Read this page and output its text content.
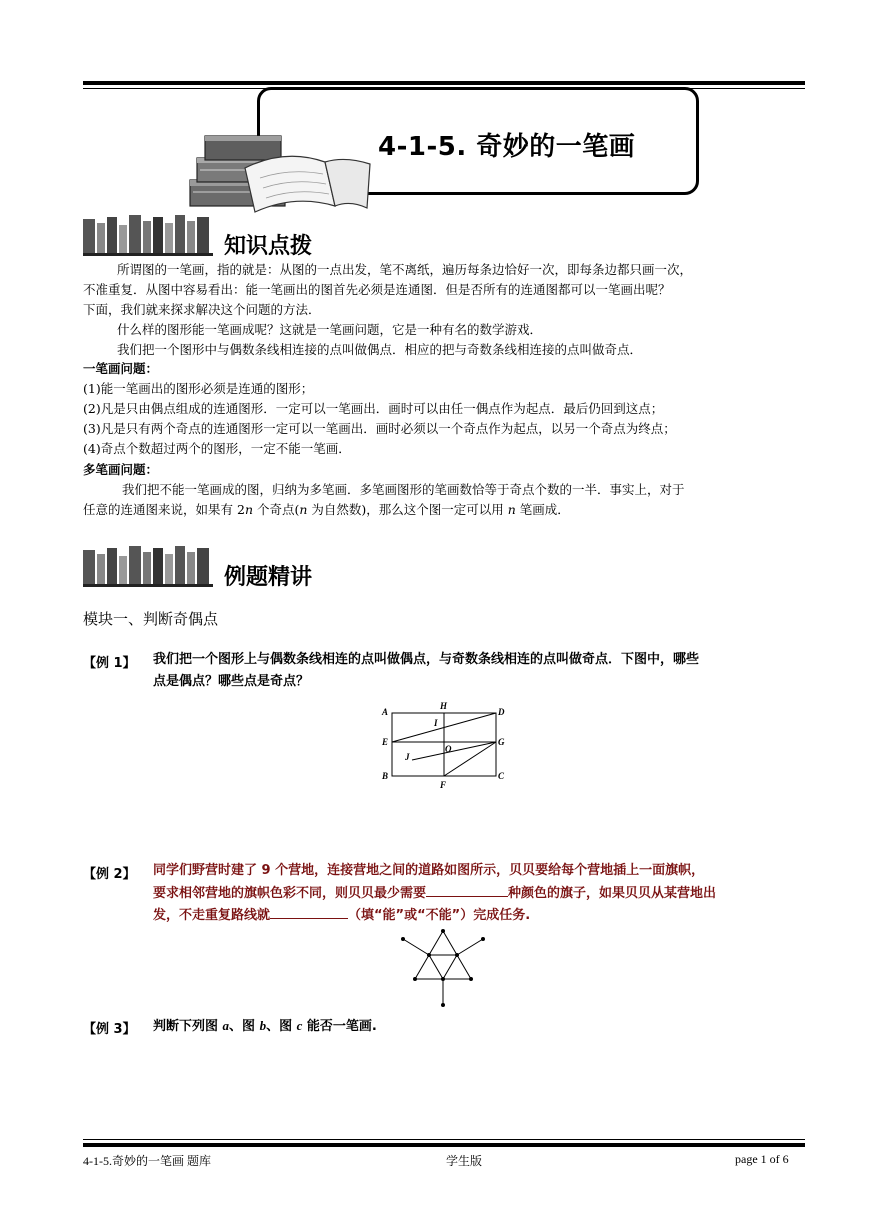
4-1-5. 奇妙的一笔画
知识点拨
所谓图的一笔画，指的就是：从图的一点出发，笔不离纸，遍历每条边恰好一次，即每条边都只画一次，
不准重复．从图中容易看出：能一笔画出的图首先必须是连通图．但是否所有的连通图都可以一笔画出呢？
下面，我们就来探求解决这个问题的方法．
什么样的图形能一笔画成呢？这就是一笔画问题，它是一种有名的数学游戏．
我们把一个图形中与偶数条线相连接的点叫做偶点．相应的把与奇数条线相连接的点叫做奇点．
一笔画问题：
(1)能一笔画出的图形必须是连通的图形；
(2)凡是只由偶点组成的连通图形．一定可以一笔画出．画时可以由任一偶点作为起点．最后仍回到这点；
(3)凡是只有两个奇点的连通图形一定可以一笔画出．画时必须以一个奇点作为起点，以另一个奇点为终点；
(4)奇点个数超过两个的图形，一定不能一笔画．
多笔画问题：
我们把不能一笔画成的图，归纳为多笔画．多笔画图形的笔画数恰等于奇点个数的一半．事实上，对于
任意的连通图来说，如果有 2n 个奇点(n 为自然数)，那么这个图一定可以用 n 笔画成．
例题精讲
模块一、判断奇偶点
【例 1】 我们把一个图形上与偶数条线相连的点叫做偶点，与奇数条线相连的点叫做奇点．下图中，哪些
点是偶点？哪些点是奇点？
A
H
D
I
E
O
G
J
B
F
C
【例 2】 同学们野营时建了 9 个营地，连接营地之间的道路如图所示，贝贝要给每个营地插上一面旗帜，
要求相邻营地的旗帜色彩不同，则贝贝最少需要	种颜色的旗子，如果贝贝从某营地出
发，不走重复路线就	（填“能”或“不能”）完成任务.
【例 3】 判断下列图 a、图 b、图 c 能否一笔画.
4-1-5.奇妙的一笔画 题库	学生版	page 1 of 6
